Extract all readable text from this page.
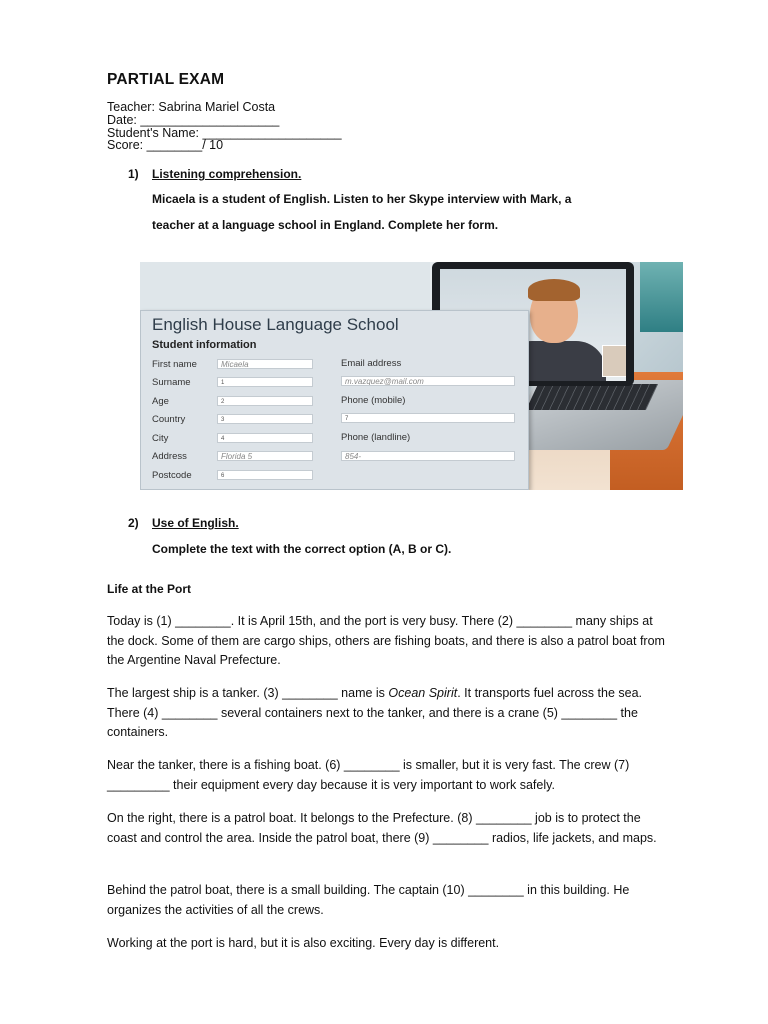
PARTIAL EXAM
Teacher: Sabrina Mariel Costa
Date: ____________________
Student's Name: ____________________
Score: ________/ 10
1) Listening comprehension.
Micaela is a student of English. Listen to her Skype interview with Mark, a
teacher at a language school in England. Complete her form.
English House Language School
Student information
First name	Micaela
Surname	1
Age	2
Country	3
City	4
Address	Florida 5
Postcode	6
Email address
m.vazquez@mail.com
Phone (mobile)
7
Phone (landline)
854-
2) Use of English.
Complete the text with the correct option (A, B or C).
Life at the Port

Today is (1) ________. It is April 15th, and the port is very busy. There (2) ________ many ships at the dock. Some of them are cargo ships, others are fishing boats, and there is also a patrol boat from the Argentine Naval Prefecture.

The largest ship is a tanker. (3) ________ name is Ocean Spirit. It transports fuel across the sea. There (4) ________ several containers next to the tanker, and there is a crane (5) ________ the containers.

Near the tanker, there is a fishing boat. (6) ________ is smaller, but it is very fast. The crew (7) _________ their equipment every day because it is very important to work safely.

On the right, there is a patrol boat. It belongs to the Prefecture. (8) ________ job is to protect the coast and control the area. Inside the patrol boat, there (9) ________ radios, life jackets, and maps.

Behind the patrol boat, there is a small building. The captain (10) ________ in this building. He organizes the activities of all the crews.

Working at the port is hard, but it is also exciting. Every day is different.
